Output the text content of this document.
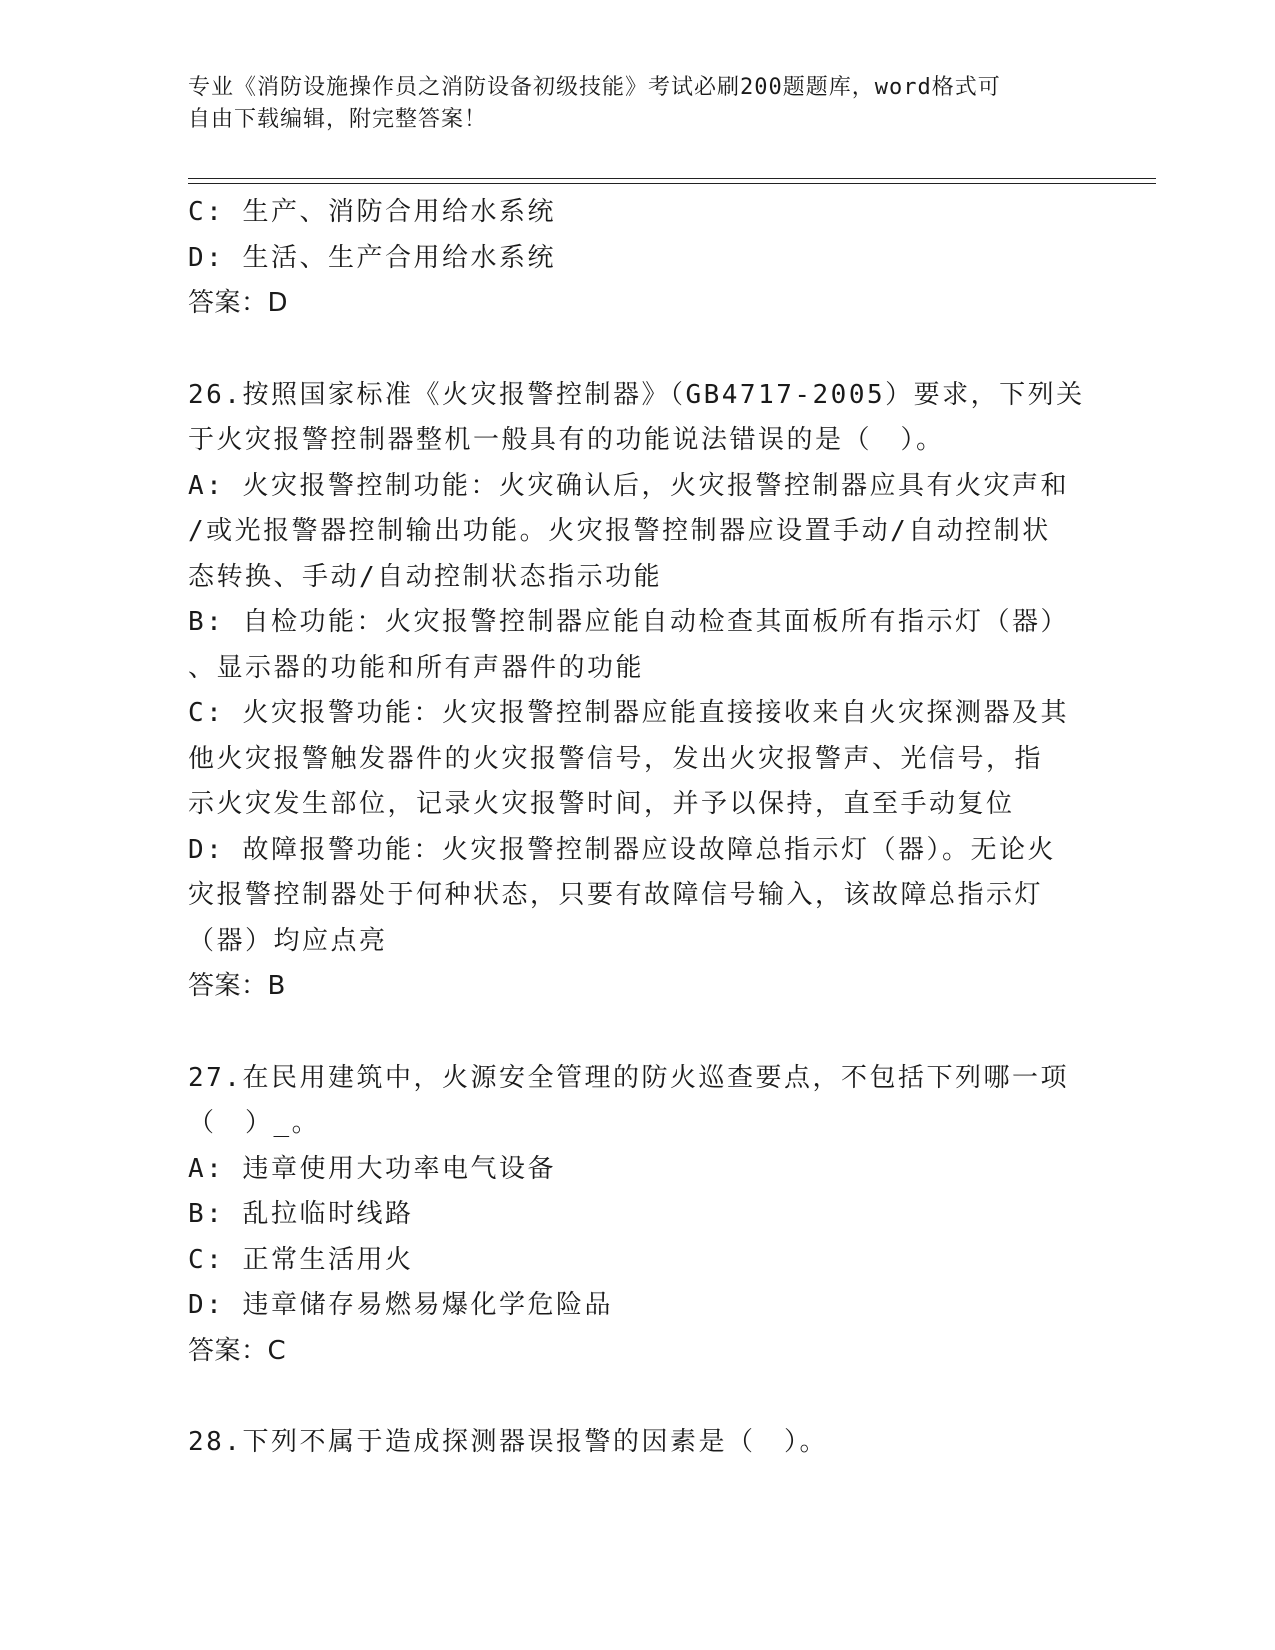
专业《消防设施操作员之消防设备初级技能》考试必刷200题题库，word格式可
自由下载编辑，附完整答案！
C: 生产、消防合用给水系统
D: 生活、生产合用给水系统
答案：D
26.按照国家标准《火灾报警控制器》（GB4717-2005）要求，下列关
于火灾报警控制器整机一般具有的功能说法错误的是（　）。
A: 火灾报警控制功能：火灾确认后，火灾报警控制器应具有火灾声和
/或光报警器控制输出功能。火灾报警控制器应设置手动/自动控制状
态转换、手动/自动控制状态指示功能
B: 自检功能：火灾报警控制器应能自动检查其面板所有指示灯（器）
、显示器的功能和所有声器件的功能
C: 火灾报警功能：火灾报警控制器应能直接接收来自火灾探测器及其
他火灾报警触发器件的火灾报警信号，发出火灾报警声、光信号，指
示火灾发生部位，记录火灾报警时间，并予以保持，直至手动复位
D: 故障报警功能：火灾报警控制器应设故障总指示灯（器）。无论火
灾报警控制器处于何种状态，只要有故障信号输入，该故障总指示灯
（器）均应点亮
答案：B
27.在民用建筑中，火源安全管理的防火巡查要点，不包括下列哪一项
（　）_。
A: 违章使用大功率电气设备
B: 乱拉临时线路
C: 正常生活用火
D: 违章储存易燃易爆化学危险品
答案：C
28.下列不属于造成探测器误报警的因素是（　）。
